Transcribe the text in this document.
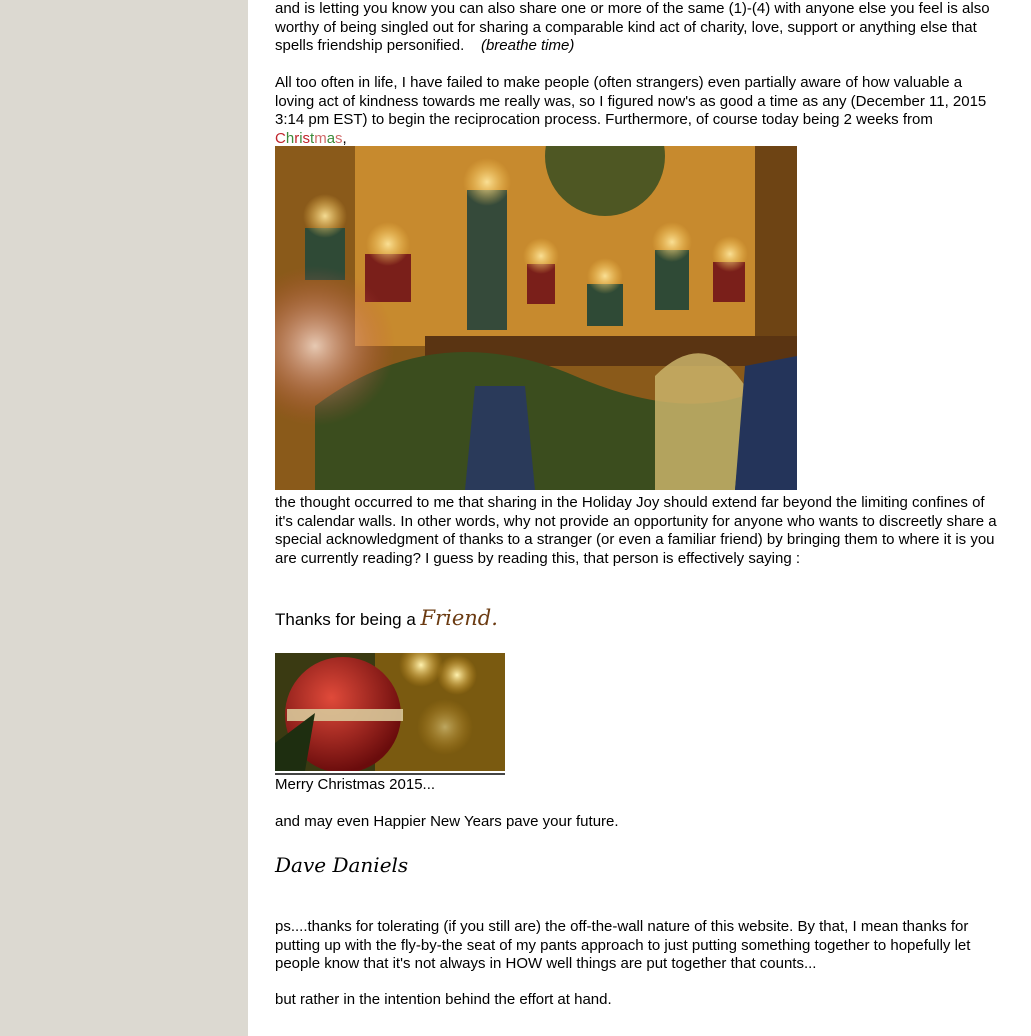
and is letting you know you can also share one or more of the same (1)-(4) with anyone else you feel is also worthy of being singled out for sharing a comparable kind act of charity, love, support or anything else that spells friendship personified. (breathe time)

All too often in life, I have failed to make people (often strangers) even partially aware of how valuable a loving act of kindness towards me really was, so I figured now's as good a time as any (December 11, 2015 3:14 pm EST) to begin the reciprocation process. Furthermore, of course today being 2 weeks from Christmas,

the thought occurred to me that sharing in the Holiday Joy should extend far beyond the limiting confines of it's calendar walls. In other words, why not provide an opportunity for anyone who wants to discreetly share a special acknowledgment of thanks to a stranger (or even a familiar friend) by bringing them to where it is you are currently reading? I guess by reading this, that person is effectively saying :

Thanks for being a Friend.
Merry Christmas 2015...
and may even Happier New Years pave your future.
Dave Daniels

ps....thanks for tolerating (if you still are) the off-the-wall nature of this website. By that, I mean thanks for putting up with the fly-by-the seat of my pants approach to just putting something together to hopefully let people know that it's not always in HOW well things are put together that counts...

but rather in the intention behind the effort at hand.
